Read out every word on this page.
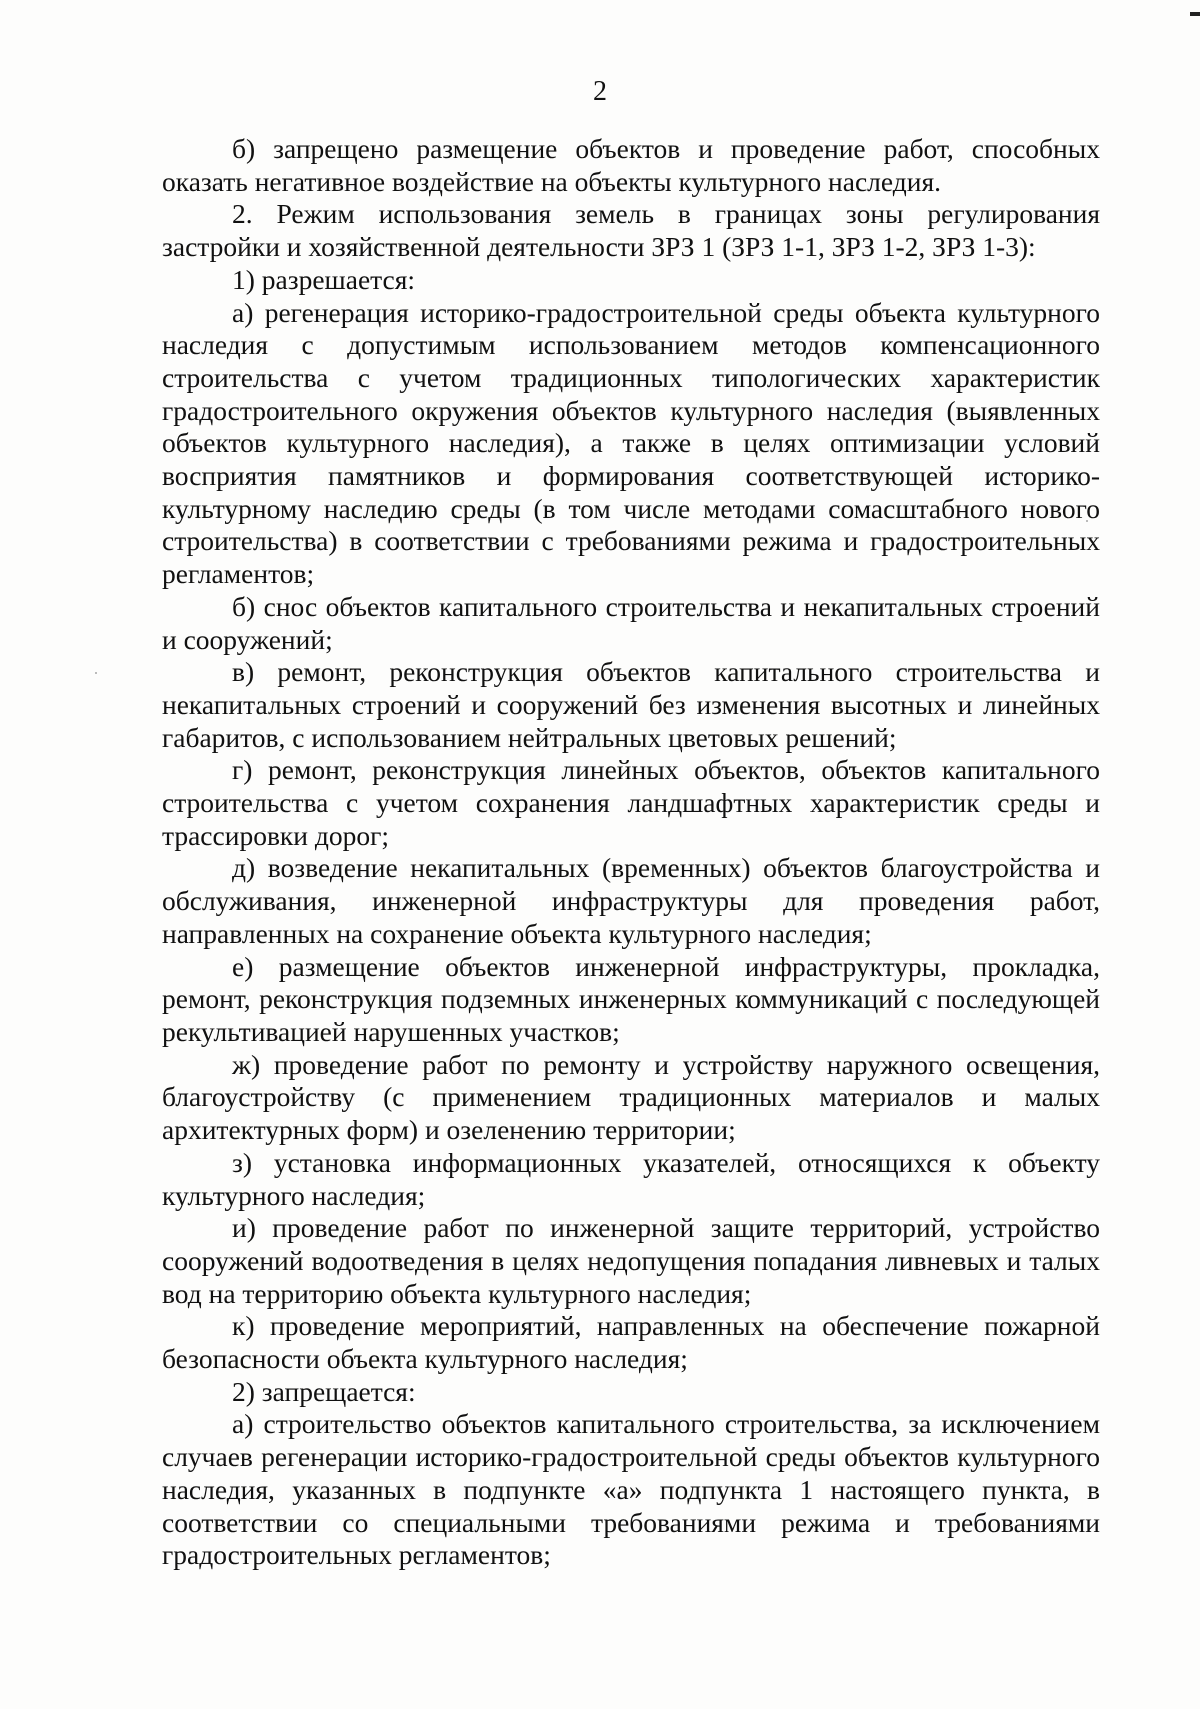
2

б) запрещено размещение объектов и проведение работ, способных оказать негативное воздействие на объекты культурного наследия.

2. Режим использования земель в границах зоны регулирования застройки и хозяйственной деятельности ЗРЗ 1 (ЗРЗ 1-1, ЗРЗ 1-2, ЗРЗ 1-3):

1) разрешается:

а) регенерация историко-градостроительной среды объекта культурного наследия с допустимым использованием методов компенсационного строительства с учетом традиционных типологических характеристик градостроительного окружения объектов культурного наследия (выявленных объектов культурного наследия), а также в целях оптимизации условий восприятия памятников и формирования соответствующей историко-культурному наследию среды (в том числе методами сомасштабного нового строительства) в соответствии с требованиями режима и градостроительных регламентов;

б) снос объектов капитального строительства и некапитальных строений и сооружений;

в) ремонт, реконструкция объектов капитального строительства и некапитальных строений и сооружений без изменения высотных и линейных габаритов, с использованием нейтральных цветовых решений;

г) ремонт, реконструкция линейных объектов, объектов капитального строительства с учетом сохранения ландшафтных характеристик среды и трассировки дорог;

д) возведение некапитальных (временных) объектов благоустройства и обслуживания, инженерной инфраструктуры для проведения работ, направленных на сохранение объекта культурного наследия;

е) размещение объектов инженерной инфраструктуры, прокладка, ремонт, реконструкция подземных инженерных коммуникаций с последующей рекультивацией нарушенных участков;

ж) проведение работ по ремонту и устройству наружного освещения, благоустройству (с применением традиционных материалов и малых архитектурных форм) и озеленению территории;

з) установка информационных указателей, относящихся к объекту культурного наследия;

и) проведение работ по инженерной защите территорий, устройство сооружений водоотведения в целях недопущения попадания ливневых и талых вод на территорию объекта культурного наследия;

к) проведение мероприятий, направленных на обеспечение пожарной безопасности объекта культурного наследия;

2) запрещается:

а) строительство объектов капитального строительства, за исключением случаев регенерации историко-градостроительной среды объектов культурного наследия, указанных в подпункте «а» подпункта 1 настоящего пункта, в соответствии со специальными требованиями режима и требованиями градостроительных регламентов;
